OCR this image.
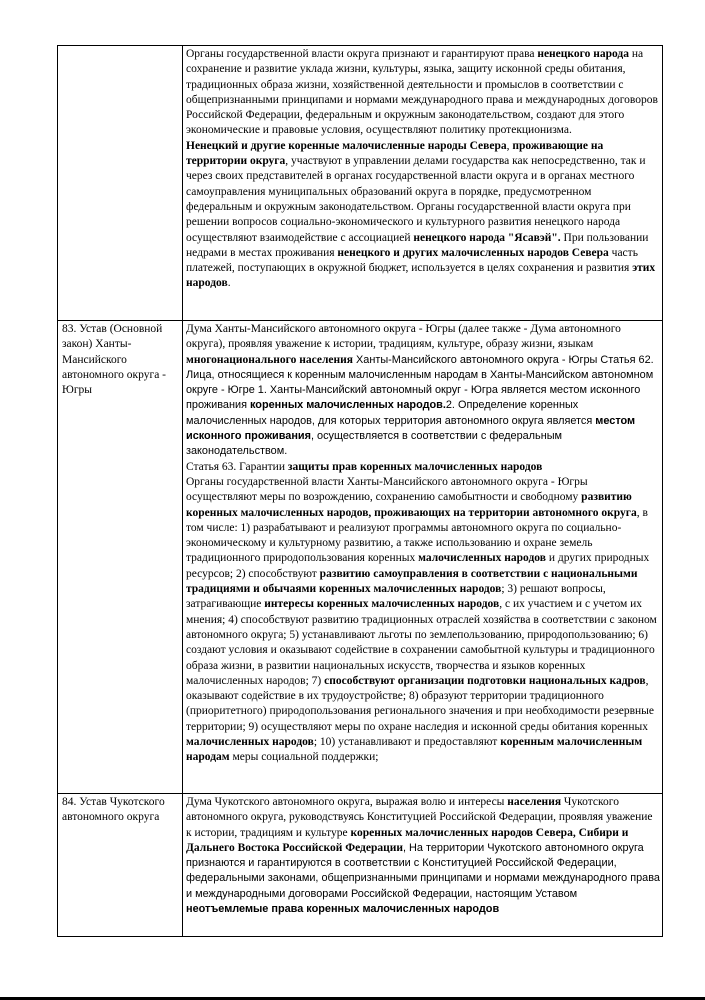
	Органы государственной власти округа признают и гарантируют права ненецкого народа на сохранение и развитие уклада жизни, культуры, языка, защиту исконной среды обитания, традиционных образа жизни, хозяйственной деятельности и промыслов в соответствии с общепризнанными принципами и нормами международного права и международных договоров Российской Федерации, федеральным и окружным законодательством, создают для этого экономические и правовые условия, осуществляют политику протекционизма.
Ненецкий и другие коренные малочисленные народы Севера, проживающие на территории округа, участвуют в управлении делами государства как непосредственно, так и через своих представителей в органах государственной власти округа и в органах местного самоуправления муниципальных образований округа в порядке, предусмотренном федеральным и окружным законодательством. Органы государственной власти округа при решении вопросов социально-экономического и культурного развития ненецкого народа осуществляют взаимодействие с ассоциацией ненецкого народа "Ясавэй". При пользовании недрами в местах проживания ненецкого и других малочисленных народов Севера часть платежей, поступающих в окружной бюджет, используется в целях сохранения и развития этих народов.

83. Устав (Основной закон) Ханты-Мансийского автономного округа - Югры	Дума Ханты-Мансийского автономного округа - Югры (далее также - Дума автономного округа), проявляя уважение к истории, традициям, культуре, образу жизни, языкам многонационального населения Ханты-Мансийского автономного округа - Югры Статья 62. Лица, относящиеся к коренным малочисленным народам в Ханты-Мансийском автономном округе - Югре 1. Ханты-Мансийский автономный округ - Югра является местом исконного проживания коренных малочисленных народов.2. Определение коренных малочисленных народов, для которых территория автономного округа является местом исконного проживания, осуществляется в соответствии с федеральным законодательством.
Статья 63. Гарантии защиты прав коренных малочисленных народов
Органы государственной власти Ханты-Мансийского автономного округа - Югры осуществляют меры по возрождению, сохранению самобытности и свободному развитию коренных малочисленных народов, проживающих на территории автономного округа, в том числе: 1) разрабатывают и реализуют программы автономного округа по социально-экономическому и культурному развитию, а также использованию и охране земель традиционного природопользования коренных малочисленных народов и других природных ресурсов; 2) способствуют развитию самоуправления в соответствии с национальными традициями и обычаями коренных малочисленных народов; 3) решают вопросы, затрагивающие интересы коренных малочисленных народов, с их участием и с учетом их мнения; 4) способствуют развитию традиционных отраслей хозяйства в соответствии с законом автономного округа; 5) устанавливают льготы по землепользованию, природопользованию; 6) создают условия и оказывают содействие в сохранении самобытной культуры и традиционного образа жизни, в развитии национальных искусств, творчества и языков коренных малочисленных народов; 7) способствуют организации подготовки национальных кадров, оказывают содействие в их трудоустройстве; 8) образуют территории традиционного (приоритетного) природопользования регионального значения и при необходимости резервные территории; 9) осуществляют меры по охране наследия и исконной среды обитания коренных малочисленных народов; 10) устанавливают и предоставляют коренным малочисленным народам меры социальной поддержки;

84. Устав Чукотского автономного округа	Дума Чукотского автономного округа, выражая волю и интересы населения Чукотского автономного округа, руководствуясь Конституцией Российской Федерации, проявляя уважение к истории, традициям и культуре коренных малочисленных народов Севера, Сибири и Дальнего Востока Российской Федерации, На территории Чукотского автономного округа признаются и гарантируются в соответствии с Конституцией Российской Федерации, федеральными законами, общепризнанными принципами и нормами международного права и международными договорами Российской Федерации, настоящим Уставом неотъемлемые права коренных малочисленных народов
